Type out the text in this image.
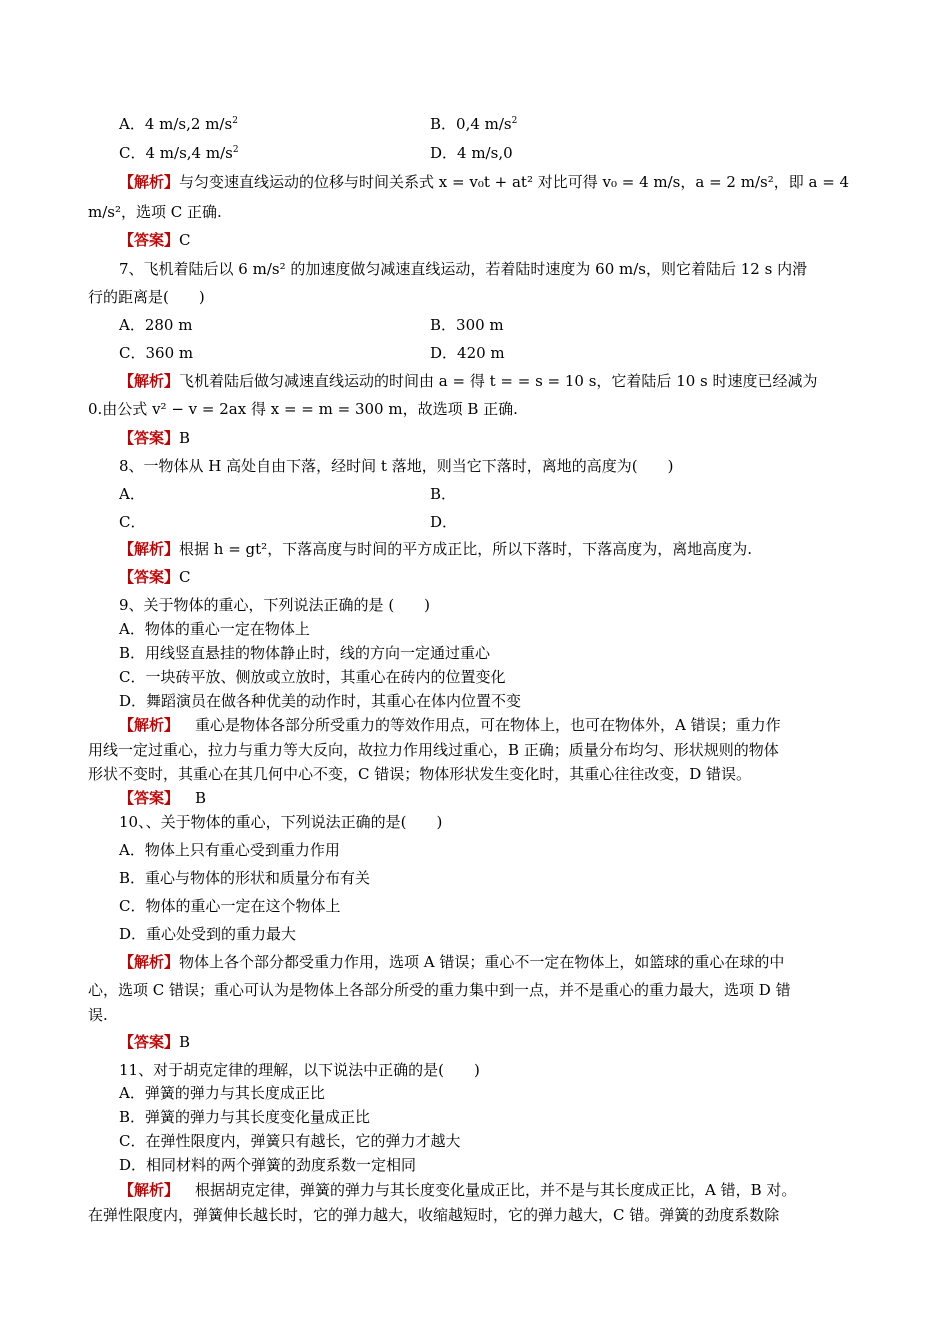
A．4 m/s,2 $m/s^2$	B．0,4 $m/s^2$
C．4 m/s,4 $m/s^2$	D．4 m/s,0
【解析】与匀变速直线运动的位移与时间关系式 x = v₀t + at² 对比可得 v₀ = 4 m/s，a = 2 m/s²，即 a = 4
m/s²，选项 C 正确.
【答案】C
7、飞机着陆后以 6 m/s² 的加速度做匀减速直线运动，若着陆时速度为 60 m/s，则它着陆后 12 s 内滑
行的距离是(　　)
A．280 m	B．300 m
C．360 m	D．420 m
【解析】飞机着陆后做匀减速直线运动的时间由 a = 得 t = = s = 10 s，它着陆后 10 s 时速度已经减为
0.由公式 v² − v = 2ax 得 x = = m = 300 m，故选项 B 正确.
【答案】B
8、一物体从 H 高处自由下落，经时间 t 落地，则当它下落时，离地的高度为(　　)
A．	B．
C．	D．
【解析】根据 h = gt²，下落高度与时间的平方成正比，所以下落时，下落高度为，离地高度为.
【答案】C
9、关于物体的重心，下列说法正确的是 (　　)
A．物体的重心一定在物体上
B．用线竖直悬挂的物体静止时，线的方向一定通过重心
C．一块砖平放、侧放或立放时，其重心在砖内的位置变化
D．舞蹈演员在做各种优美的动作时，其重心在体内位置不变
【解析】 重心是物体各部分所受重力的等效作用点，可在物体上，也可在物体外，A 错误；重力作
用线一定过重心，拉力与重力等大反向，故拉力作用线过重心，B 正确；质量分布均匀、形状规则的物体
形状不变时，其重心在其几何中心不变，C 错误；物体形状发生变化时，其重心往往改变，D 错误。
【答案】 B
10、、关于物体的重心，下列说法正确的是(　　)
A．物体上只有重心受到重力作用
B．重心与物体的形状和质量分布有关
C．物体的重心一定在这个物体上
D．重心处受到的重力最大
【解析】物体上各个部分都受重力作用，选项 A 错误；重心不一定在物体上，如篮球的重心在球的中
心，选项 C 错误；重心可认为是物体上各部分所受的重力集中到一点，并不是重心的重力最大，选项 D 错
误.
【答案】B
11、对于胡克定律的理解，以下说法中正确的是(　　)
A．弹簧的弹力与其长度成正比
B．弹簧的弹力与其长度变化量成正比
C．在弹性限度内，弹簧只有越长，它的弹力才越大
D．相同材料的两个弹簧的劲度系数一定相同
【解析】 根据胡克定律，弹簧的弹力与其长度变化量成正比，并不是与其长度成正比，A 错，B 对。
在弹性限度内，弹簧伸长越长时，它的弹力越大，收缩越短时，它的弹力越大，C 错。弹簧的劲度系数除
